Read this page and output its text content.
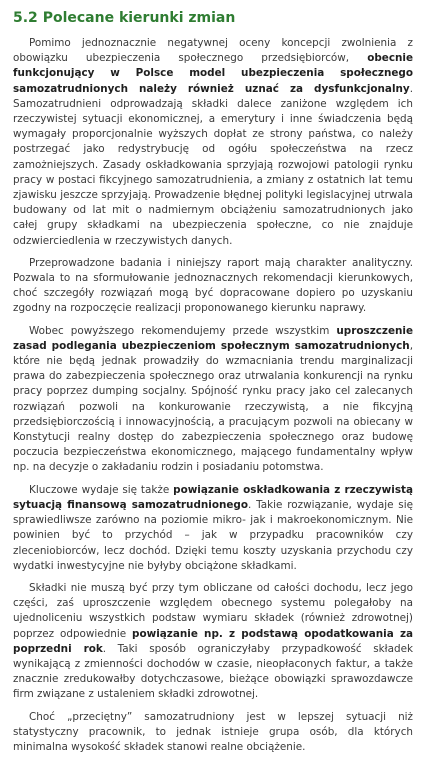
5.2 Polecane kierunki zmian

Pomimo jednoznacznie negatywnej oceny koncepcji zwolnienia z obowiązku ubezpieczenia społecznego przedsiębiorców, obecnie funkcjonujący w Polsce model ubezpieczenia społecznego samozatrudnionych należy również uznać za dysfunkcjonalny. Samozatrudnieni odprowadzają składki dalece zaniżone względem ich rzeczywistej sytuacji ekonomicznej, a emerytury i inne świadczenia będą wymagały proporcjonalnie wyższych dopłat ze strony państwa, co należy postrzegać jako redystrybucję od ogółu społeczeństwa na rzecz zamożniejszych. Zasady oskładkowania sprzyjają rozwojowi patologii rynku pracy w postaci fikcyjnego samozatrudnienia, a zmiany z ostatnich lat temu zjawisku jeszcze sprzyjają. Prowadzenie błędnej polityki legislacyjnej utrwala budowany od lat mit o nadmiernym obciążeniu samozatrudnionych jako całej grupy składkami na ubezpieczenia społeczne, co nie znajduje odzwierciedlenia w rzeczywistych danych.

Przeprowadzone badania i niniejszy raport mają charakter analityczny. Pozwala to na sformułowanie jednoznacznych rekomendacji kierunkowych, choć szczegóły rozwiązań mogą być dopracowane dopiero po uzyskaniu zgodny na rozpoczęcie realizacji proponowanego kierunku naprawy.

Wobec powyższego rekomendujemy przede wszystkim uproszczenie zasad podlegania ubezpieczeniom społecznym samozatrudnionych, które nie będą jednak prowadziły do wzmacniania trendu marginalizacji prawa do zabezpieczenia społecznego oraz utrwalania konkurencji na rynku pracy poprzez dumping socjalny. Spójność rynku pracy jako cel zalecanych rozwiązań pozwoli na konkurowanie rzeczywistą, a nie fikcyjną przedsiębiorczością i innowacyjnością, a pracującym pozwoli na obiecany w Konstytucji realny dostęp do zabezpieczenia społecznego oraz budowę poczucia bezpieczeństwa ekonomicznego, mającego fundamentalny wpływ np. na decyzje o zakładaniu rodzin i posiadaniu potomstwa.

Kluczowe wydaje się także powiązanie oskładkowania z rzeczywistą sytuacją finansową samozatrudnionego. Takie rozwiązanie, wydaje się sprawiedliwsze zarówno na poziomie mikro- jak i makroekonomicznym. Nie powinien być to przychód – jak w przypadku pracowników czy zleceniobiorców, lecz dochód. Dzięki temu koszty uzyskania przychodu czy wydatki inwestycyjne nie byłyby obciążone składkami.

Składki nie muszą być przy tym obliczane od całości dochodu, lecz jego części, zaś uproszczenie względem obecnego systemu polegałoby na ujednoliceniu wszystkich podstaw wymiaru składek (również zdrowotnej) poprzez odpowiednie powiązanie np. z podstawą opodatkowania za poprzedni rok. Taki sposób ograniczyłaby przypadkowość składek wynikającą z zmienności dochodów w czasie, nieopłaconych faktur, a także znacznie zredukowałby dotychczasowe, bieżące obowiązki sprawozdawcze firm związane z ustaleniem składki zdrowotnej.

Choć „przeciętny” samozatrudniony jest w lepszej sytuacji niż statystyczny pracownik, to jednak istnieje grupa osób, dla których minimalna wysokość składek stanowi realne obciążenie.
